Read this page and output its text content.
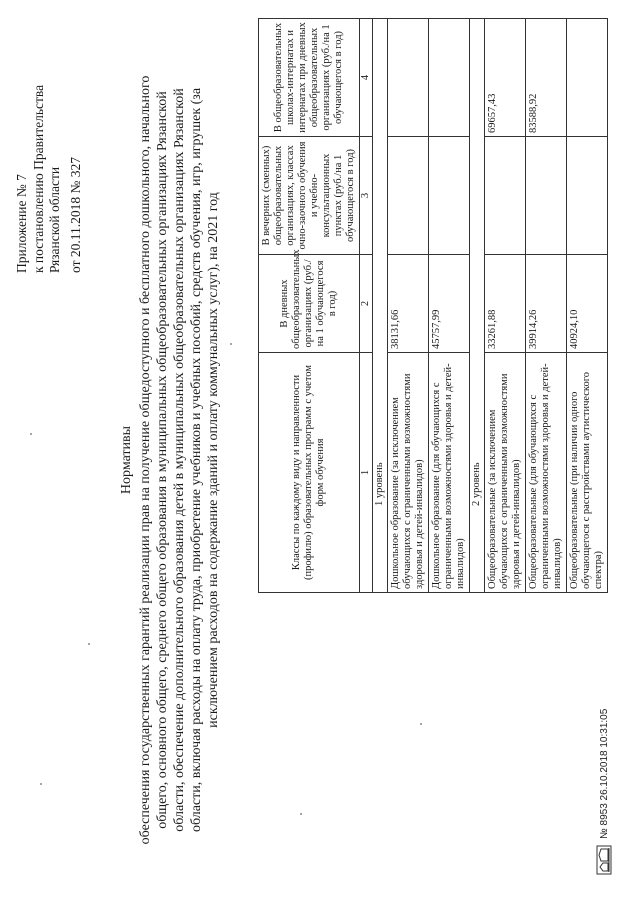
Приложение № 7 к постановлению Правительства Рязанской области от 20.11.2018 № 327
Нормативы обеспечения государственных гарантий реализации прав на получение общедоступного и бесплатного дошкольного, начального общего, основного общего, среднего общего образования в муниципальных общеобразовательных организациях Рязанской области, обеспечение дополнительного образования детей в муниципальных общеобразовательных организациях Рязанской области, включая расходы на оплату труда, приобретение учебников и учебных пособий, средств обучения, игр, игрушек (за исключением расходов на содержание зданий и оплату коммунальных услуг), на 2021 год	Классы по каждому виду и направленности (профилю) образовательных программ с учетом форм обучения	В дневных общеобразовательных организациях (руб./на 1 обучающегося в год)	В вечерних (сменных) общеобразовательных организациях, классах очно-заочного обучения и учебно-консультационных пунктах (руб./на 1 обучающегося в год)	В общеобразовательных школах-интернатах и интернатах при дневных общеобразовательных организациях (руб./на 1 обучающегося в год)
1	2	3	4
1 уровень			
Дошкольное образование (за исключением обучающихся с ограниченными возможностями здоровья и детей-инвалидов)	38131,66		
Дошкольное образование (для обучающихся с ограниченными возможностями здоровья и детей-инвалидов)	45757,99		
2 уровень			
Общеобразовательные (за исключением обучающихся с ограниченными возможностями здоровья и детей-инвалидов)	33261,88		69657,43
Общеобразовательные (для обучающихся с ограниченными возможностями здоровья и детей-инвалидов)	39914,26		83588,92
Общеобразовательные (при наличии одного обучающегося с расстройствами аутистического спектра)	40924,10		
№ 8953 26.10.2018 10:31:05
